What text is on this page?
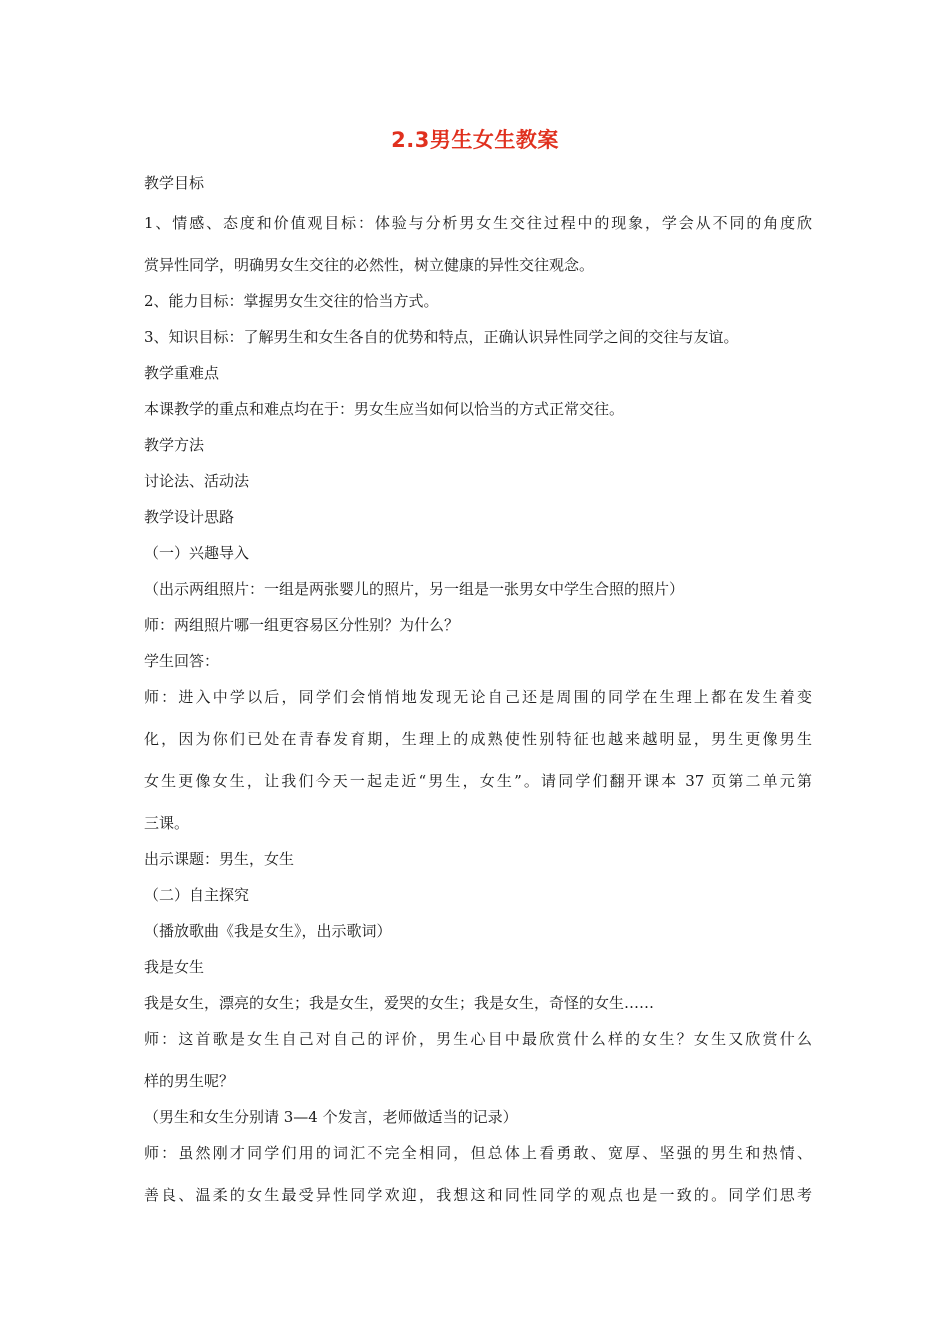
2.3男生女生教案

教学目标

1、情感、态度和价值观目标：体验与分析男女生交往过程中的现象，学会从不同的角度欣

赏异性同学，明确男女生交往的必然性，树立健康的异性交往观念。

2、能力目标：掌握男女生交往的恰当方式。

3、知识目标：了解男生和女生各自的优势和特点，正确认识异性同学之间的交往与友谊。

教学重难点

本课教学的重点和难点均在于：男女生应当如何以恰当的方式正常交往。

教学方法

讨论法、活动法

教学设计思路

（一）兴趣导入

（出示两组照片：一组是两张婴儿的照片，另一组是一张男女中学生合照的照片）

师：两组照片哪一组更容易区分性别？为什么？

学生回答：

师：进入中学以后，同学们会悄悄地发现无论自己还是周围的同学在生理上都在发生着变

化，因为你们已处在青春发育期，生理上的成熟使性别特征也越来越明显，男生更像男生

女生更像女生，让我们今天一起走近“男生，女生”。请同学们翻开课本 37 页第二单元第

三课。

出示课题：男生，女生

（二）自主探究

（播放歌曲《我是女生》，出示歌词）

我是女生

我是女生，漂亮的女生；我是女生，爱哭的女生；我是女生，奇怪的女生……

师：这首歌是女生自己对自己的评价，男生心目中最欣赏什么样的女生？女生又欣赏什么

样的男生呢？

（男生和女生分别请 3—4 个发言，老师做适当的记录）

师：虽然刚才同学们用的词汇不完全相同，但总体上看勇敢、宽厚、坚强的男生和热情、

善良、温柔的女生最受异性同学欢迎，我想这和同性同学的观点也是一致的。同学们思考
